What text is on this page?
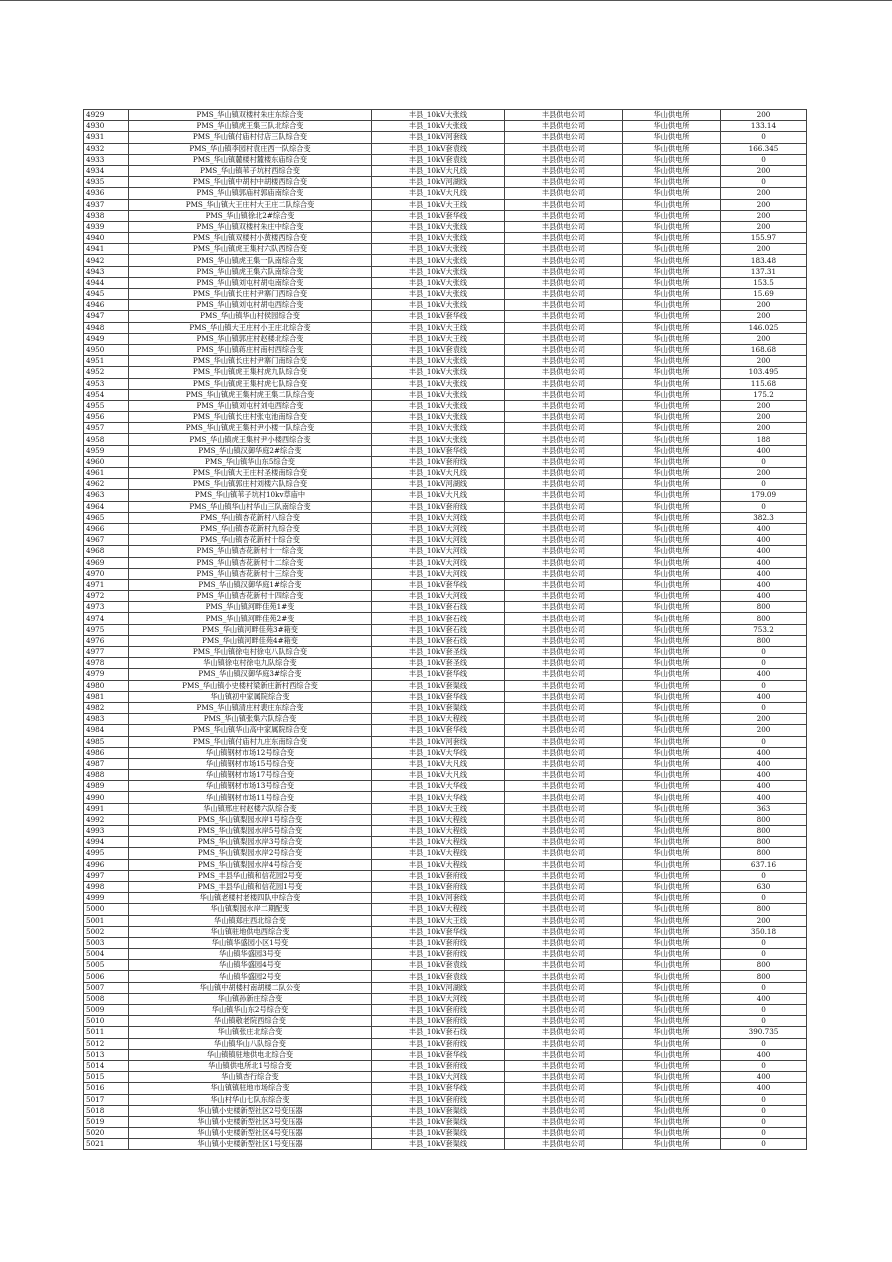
4929	PMS_华山镇双楼村朱庄东综合变	丰县_10kV大张线	丰县供电公司	华山供电所	200
4930	PMS_华山镇虎王集三队北综合变	丰县_10kV大张线	丰县供电公司	华山供电所	133.14
4931	PMS_华山镇付庙村付店三队综合变	丰县_10kV河套线	丰县供电公司	华山供电所	0
4932	PMS_华山镇李园村袁庄西一队综合变	丰县_10kV套袁线	丰县供电公司	华山供电所	166.345
4933	PMS_华山镇麓楼村麓楼东庙综合变	丰县_10kV套袁线	丰县供电公司	华山供电所	0
4934	PMS_华山镇苇子坑村西综合变	丰县_10kV大凡线	丰县供电公司	华山供电所	200
4935	PMS_华山镇中胡村中胡楼西综合变	丰县_10kV河湖线	丰县供电公司	华山供电所	0
4936	PMS_华山镇郭庙村郭庙南综合变	丰县_10kV大凡线	丰县供电公司	华山供电所	200
4937	PMS_华山镇大王庄村大王庄二队综合变	丰县_10kV大王线	丰县供电公司	华山供电所	200
4938	PMS_华山镇徐北2#综合变	丰县_10kV套华线	丰县供电公司	华山供电所	200
4939	PMS_华山镇双楼村朱庄中综合变	丰县_10kV大张线	丰县供电公司	华山供电所	200
4940	PMS_华山镇双楼村小黄楼西综合变	丰县_10kV大张线	丰县供电公司	华山供电所	155.97
4941	PMS_华山镇虎王集村六队西综合变	丰县_10kV大张线	丰县供电公司	华山供电所	200
4942	PMS_华山镇虎王集一队南综合变	丰县_10kV大张线	丰县供电公司	华山供电所	183.48
4943	PMS_华山镇虎王集六队南综合变	丰县_10kV大张线	丰县供电公司	华山供电所	137.31
4944	PMS_华山镇刘屯村胡屯南综合变	丰县_10kV大张线	丰县供电公司	华山供电所	153.5
4945	PMS_华山镇长庄村尹寨门西综合变	丰县_10kV大张线	丰县供电公司	华山供电所	15.69
4946	PMS_华山镇刘屯村胡屯西综合变	丰县_10kV大张线	丰县供电公司	华山供电所	200
4947	PMS_华山镇华山村侯园综合变	丰县_10kV套华线	丰县供电公司	华山供电所	200
4948	PMS_华山镇大王庄村小王庄北综合变	丰县_10kV大王线	丰县供电公司	华山供电所	146.025
4949	PMS_华山镇郭庄村赵楼北综合变	丰县_10kV大王线	丰县供电公司	华山供电所	200
4950	PMS_华山镇蒋庄村南村西综合变	丰县_10kV套袁线	丰县供电公司	华山供电所	168.68
4951	PMS_华山镇长庄村尹寨门南综合变	丰县_10kV大张线	丰县供电公司	华山供电所	200
4952	PMS_华山镇虎王集村虎九队综合变	丰县_10kV大张线	丰县供电公司	华山供电所	103.495
4953	PMS_华山镇虎王集村虎七队综合变	丰县_10kV大张线	丰县供电公司	华山供电所	115.68
4954	PMS_华山镇虎王集村虎王集二队综合变	丰县_10kV大张线	丰县供电公司	华山供电所	175.2
4955	PMS_华山镇刘屯村刘屯西综合变	丰县_10kV大张线	丰县供电公司	华山供电所	200
4956	PMS_华山镇长庄村张屯池南综合变	丰县_10kV大张线	丰县供电公司	华山供电所	200
4957	PMS_华山镇虎王集村尹小楼一队综合变	丰县_10kV大张线	丰县供电公司	华山供电所	200
4958	PMS_华山镇虎王集村尹小楼西综合变	丰县_10kV大张线	丰县供电公司	华山供电所	188
4959	PMS_华山镇汉御华庭2#综合变	丰县_10kV套华线	丰县供电公司	华山供电所	400
4960	PMS_华山镇华山东5综合变	丰县_10kV套府线	丰县供电公司	华山供电所	0
4961	PMS_华山镇大王庄村圣楼南综合变	丰县_10kV大凡线	丰县供电公司	华山供电所	200
4962	PMS_华山镇郭庄村刘楼六队综合变	丰县_10kV河湖线	丰县供电公司	华山供电所	0
4963	PMS_华山镇苇子坑村10kv草庙中	丰县_10kV大凡线	丰县供电公司	华山供电所	179.09
4964	PMS_华山镇华山村华山三队南综合变	丰县_10kV套府线	丰县供电公司	华山供电所	0
4965	PMS_华山镇杏花新村八综合变	丰县_10kV大河线	丰县供电公司	华山供电所	382.3
4966	PMS_华山镇杏花新村九综合变	丰县_10kV大河线	丰县供电公司	华山供电所	400
4967	PMS_华山镇杏花新村十综合变	丰县_10kV大河线	丰县供电公司	华山供电所	400
4968	PMS_华山镇杏花新村十一综合变	丰县_10kV大河线	丰县供电公司	华山供电所	400
4969	PMS_华山镇杏花新村十二综合变	丰县_10kV大河线	丰县供电公司	华山供电所	400
4970	PMS_华山镇杏花新村十三综合变	丰县_10kV大河线	丰县供电公司	华山供电所	400
4971	PMS_华山镇汉御华庭1#综合变	丰县_10kV套华线	丰县供电公司	华山供电所	400
4972	PMS_华山镇杏花新村十四综合变	丰县_10kV大河线	丰县供电公司	华山供电所	400
4973	PMS_华山镇河畔佳苑1#变	丰县_10kV套石线	丰县供电公司	华山供电所	800
4974	PMS_华山镇河畔佳苑2#变	丰县_10kV套石线	丰县供电公司	华山供电所	800
4975	PMS_华山镇河畔佳苑3#箱变	丰县_10kV套石线	丰县供电公司	华山供电所	753.2
4976	PMS_华山镇河畔佳苑4#箱变	丰县_10kV套石线	丰县供电公司	华山供电所	800
4977	PMS_华山镇徐屯村徐屯八队综合变	丰县_10kV套圣线	丰县供电公司	华山供电所	0
4978	华山镇徐屯村徐屯九队综合变	丰县_10kV套圣线	丰县供电公司	华山供电所	0
4979	PMS_华山镇汉御华庭3#综合变	丰县_10kV套华线	丰县供电公司	华山供电所	400
4980	PMS_华山镇小史楼村梁新庄新村西综合变	丰县_10kV套渠线	丰县供电公司	华山供电所	0
4981	华山镇初中家属院综合变	丰县_10kV套华线	丰县供电公司	华山供电所	400
4982	PMS_华山镇清庄村裴庄东综合变	丰县_10kV套渠线	丰县供电公司	华山供电所	0
4983	PMS_华山镇张集六队综合变	丰县_10kV大程线	丰县供电公司	华山供电所	200
4984	PMS_华山镇华山高中家属院综合变	丰县_10kV套华线	丰县供电公司	华山供电所	200
4985	PMS_华山镇付庙村九庄东南综合变	丰县_10kV河套线	丰县供电公司	华山供电所	0
4986	华山镇钢材市场12号综合变	丰县_10kV大华线	丰县供电公司	华山供电所	400
4987	华山镇钢材市场15号综合变	丰县_10kV大凡线	丰县供电公司	华山供电所	400
4988	华山镇钢材市场17号综合变	丰县_10kV大凡线	丰县供电公司	华山供电所	400
4989	华山镇钢材市场13号综合变	丰县_10kV大华线	丰县供电公司	华山供电所	400
4990	华山镇钢材市场11号综合变	丰县_10kV大华线	丰县供电公司	华山供电所	400
4991	华山镇邢庄村赵楼六队综合变	丰县_10kV大王线	丰县供电公司	华山供电所	363
4992	PMS_华山镇梨园水岸1号综合变	丰县_10kV大程线	丰县供电公司	华山供电所	800
4993	PMS_华山镇梨园水岸5号综合变	丰县_10kV大程线	丰县供电公司	华山供电所	800
4994	PMS_华山镇梨园水岸3号综合变	丰县_10kV大程线	丰县供电公司	华山供电所	800
4995	PMS_华山镇梨园水岸2号综合变	丰县_10kV大程线	丰县供电公司	华山供电所	800
4996	PMS_华山镇梨园水岸4号综合变	丰县_10kV大程线	丰县供电公司	华山供电所	637.16
4997	PMS_丰县华山镇和信花园2号变	丰县_10kV套府线	丰县供电公司	华山供电所	0
4998	PMS_丰县华山镇和信花园1号变	丰县_10kV套府线	丰县供电公司	华山供电所	630
4999	华山镇老楼村老楼四队中综合变	丰县_10kV河套线	丰县供电公司	华山供电所	0
5000	华山镇梨园水岸二期配变	丰县_10kV大程线	丰县供电公司	华山供电所	800
5001	华山镇郑庄西北综合变	丰县_10kV大王线	丰县供电公司	华山供电所	200
5002	华山镇驻地供电西综合变	丰县_10kV套华线	丰县供电公司	华山供电所	350.18
5003	华山镇华盛园小区1号变	丰县_10kV套府线	丰县供电公司	华山供电所	0
5004	华山镇华盛园3号变	丰县_10kV套府线	丰县供电公司	华山供电所	0
5005	华山镇华盛园4号变	丰县_10kV套袁线	丰县供电公司	华山供电所	800
5006	华山镇华盛园2号变	丰县_10kV套袁线	丰县供电公司	华山供电所	800
5007	华山镇中胡楼村南胡楼二队公变	丰县_10kV河湖线	丰县供电公司	华山供电所	0
5008	华山镇孙新庄综合变	丰县_10kV大河线	丰县供电公司	华山供电所	400
5009	华山镇华山东2号综合变	丰县_10kV套府线	丰县供电公司	华山供电所	0
5010	华山镇敬老院西综合变	丰县_10kV套府线	丰县供电公司	华山供电所	0
5011	华山镇张庄北综合变	丰县_10kV套石线	丰县供电公司	华山供电所	390.735
5012	华山镇华山八队综合变	丰县_10kV套府线	丰县供电公司	华山供电所	0
5013	华山镇镇驻地供电北综合变	丰县_10kV套华线	丰县供电公司	华山供电所	400
5014	华山镇供电所北1号综合变	丰县_10kV套府线	丰县供电公司	华山供电所	0
5015	华山镇杏行综合变	丰县_10kV大河线	丰县供电公司	华山供电所	400
5016	华山镇镇驻地市场综合变	丰县_10kV套华线	丰县供电公司	华山供电所	400
5017	华山村华山七队东综合变	丰县_10kV套府线	丰县供电公司	华山供电所	0
5018	华山镇小史楼新型社区2号变压器	丰县_10kV套渠线	丰县供电公司	华山供电所	0
5019	华山镇小史楼新型社区3号变压器	丰县_10kV套渠线	丰县供电公司	华山供电所	0
5020	华山镇小史楼新型社区4号变压器	丰县_10kV套渠线	丰县供电公司	华山供电所	0
5021	华山镇小史楼新型社区1号变压器	丰县_10kV套渠线	丰县供电公司	华山供电所	0
